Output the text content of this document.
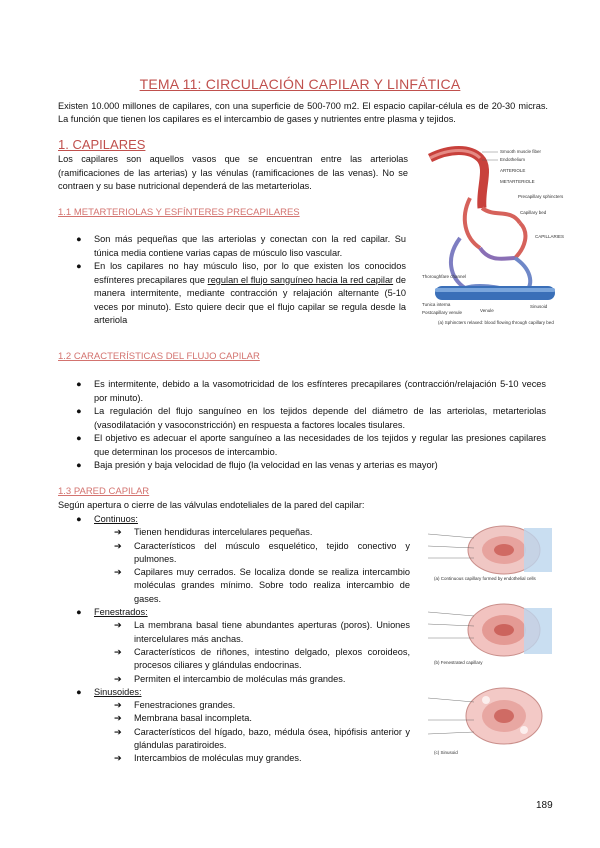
TEMA 11: CIRCULACIÓN CAPILAR Y LINFÁTICA
Existen 10.000 millones de capilares, con una superficie de 500-700 m2. El espacio capilar-célula es de 20-30 micras. La función que tienen los capilares es el intercambio de gases y nutrientes entre plasma y tejidos.
1. CAPILARES
Los capilares son aquellos vasos que se encuentran entre las arteriolas (ramificaciones de las arterias) y las vénulas (ramificaciones de las venas). No se contraen y su base nutricional dependerá de las metarteriolas.
1.1 METARTERIOLAS Y ESFÍNTERES PRECAPILARES
● Son más pequeñas que las arteriolas y conectan con la red capilar. Su túnica media contiene varias capas de músculo liso vascular.
● En los capilares no hay músculo liso, por lo que existen los conocidos esfínteres precapilares que regulan el flujo sanguíneo hacia la red capilar de manera intermitente, mediante contracción y relajación alternante (5-10 veces por minuto). Esto quiere decir que el flujo capilar se regula desde la arteriola
Smooth muscle fiber
Endothelium
ARTERIOLE
METARTERIOLE
Precapillary sphincters
Capillary bed
CAPILLARIES
Thoroughfare channel
Tunica interna
Postcapillary venule	Venule
Sinusoid
(a) Sphincters relaxed: blood flowing through capillary bed
1.2 CARACTERÍSTICAS DEL FLUJO CAPILAR
● Es intermitente, debido a la vasomotricidad de los esfínteres precapilares (contracción/relajación 5-10 veces por minuto).
● La regulación del flujo sanguíneo en los tejidos depende del diámetro de las arteriolas, metarteriolas (vasodilatación y vasoconstricción) en respuesta a factores locales tisulares.
● El objetivo es adecuar el aporte sanguíneo a las necesidades de los tejidos y regular las presiones capilares que determinan los procesos de intercambio.
● Baja presión y baja velocidad de flujo (la velocidad en las venas y arterias es mayor)
1.3 PARED CAPILAR
Según apertura o cierre de las válvulas endoteliales de la pared del capilar:
● Continuos:
➔ Tienen hendiduras intercelulares pequeñas.
➔ Característicos del músculo esquelético, tejido conectivo y pulmones.
➔ Capilares muy cerrados. Se localiza donde se realiza intercambio moléculas grandes mínimo. Sobre todo realiza intercambio de gases.
● Fenestrados:
➔ La membrana basal tiene abundantes aperturas (poros). Uniones intercelulares más anchas.
➔ Característicos de riñones, intestino delgado, plexos coroideos, procesos ciliares y glándulas endocrinas.
➔ Permiten el intercambio de moléculas más grandes.
● Sinusoides:
➔ Fenestraciones grandes.
➔ Membrana basal incompleta.
➔ Característicos del hígado, bazo, médula ósea, hipófisis anterior y glándulas paratiroides.
➔ Intercambios de moléculas muy grandes.
(a) Continuous capillary formed by endothelial cells
(b) Fenestrated capillary
(c) Sinusoid
189
